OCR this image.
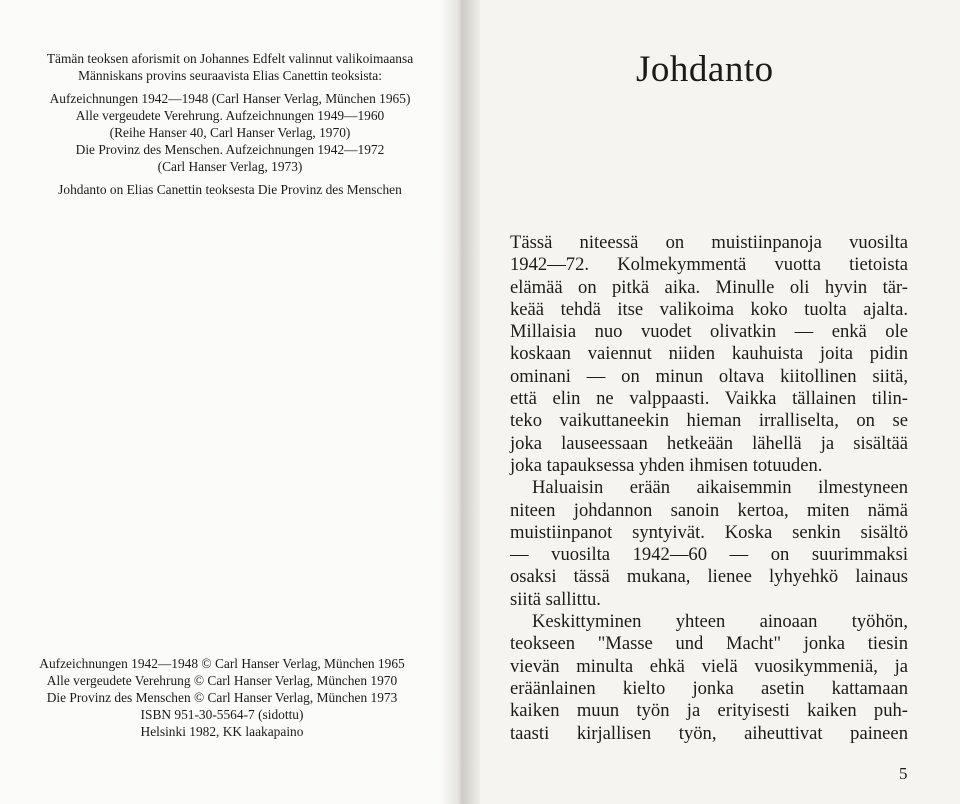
Tämän teoksen aforismit on Johannes Edfelt valinnut valikoimaansa

Människans provins seuraavista Elias Canettin teoksista:

Aufzeichnungen 1942—1948 (Carl Hanser Verlag, München 1965)

Alle vergeudete Verehrung. Aufzeichnungen 1949—1960

(Reihe Hanser 40, Carl Hanser Verlag, 1970)

Die Provinz des Menschen. Aufzeichnungen 1942—1972

(Carl Hanser Verlag, 1973)

Johdanto on Elias Canettin teoksesta Die Provinz des Menschen

Aufzeichnungen 1942—1948 © Carl Hanser Verlag, München 1965

Alle vergeudete Verehrung © Carl Hanser Verlag, München 1970

Die Provinz des Menschen © Carl Hanser Verlag, München 1973

ISBN 951-30-5564-7 (sidottu)

Helsinki 1982, KK laakapaino

Johdanto
Tässä niteessä on muistiinpanoja vuosilta
1942—72. Kolmekymmentä vuotta tietoista
elämää on pitkä aika. Minulle oli hyvin tär-
keää tehdä itse valikoima koko tuolta ajalta.
Millaisia nuo vuodet olivatkin — enkä ole
koskaan vaiennut niiden kauhuista joita pidin
ominani — on minun oltava kiitollinen siitä,
että elin ne valppaasti. Vaikka tällainen tilin-
teko vaikuttaneekin hieman irralliselta, on se
joka lauseessaan hetkeään lähellä ja sisältää
joka tapauksessa yhden ihmisen totuuden.
Haluaisin erään aikaisemmin ilmestyneen
niteen johdannon sanoin kertoa, miten nämä
muistiinpanot syntyivät. Koska senkin sisältö
— vuosilta 1942—60 — on suurimmaksi
osaksi tässä mukana, lienee lyhyehkö lainaus
siitä sallittu.
Keskittyminen yhteen ainoaan työhön,
teokseen "Masse und Macht" jonka tiesin
vievän minulta ehkä vielä vuosikymmeniä, ja
eräänlainen kielto jonka asetin kattamaan
kaiken muun työn ja erityisesti kaiken puh-
taasti kirjallisen työn, aiheuttivat paineen
5
